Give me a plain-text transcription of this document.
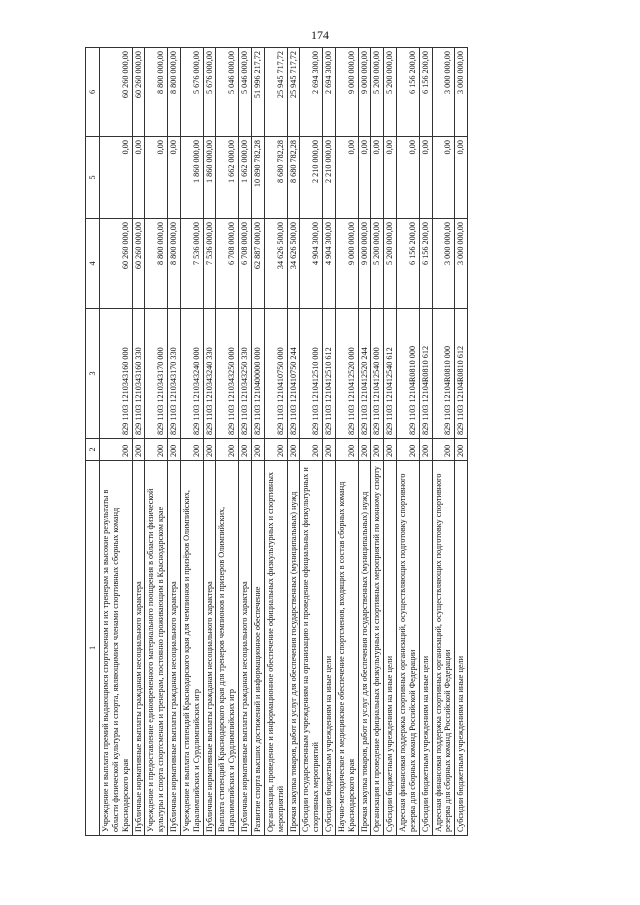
174
1	2	3	4	5	6
Учреждение и выплата премий выдающимся спортсменам и их тренерам за высокие результаты в области физической культуры и спорта, являющимися членами спортивных сборных команд Краснодарского края	200	829 1103 1210343160 000	60 260 000,00	0,00	60 260 000,00
Публичные нормативные выплаты гражданам несоциального характера	200	829 1103 1210343160 330	60 260 000,00	0,00	60 260 000,00
Учреждение и предоставление единовременного материального поощрения в области физической культуры и спорта спортсменам и тренерам, постоянно проживающим в Краснодарском крае	200	829 1103 1210343170 000	8 800 000,00	0,00	8 800 000,00
Публичные нормативные выплаты гражданам несоциального характера	200	829 1103 1210343170 330	8 800 000,00	0,00	8 800 000,00
Учреждение и выплата стипендий Краснодарского края для чемпионов и призёров Олимпийских, Паралимпийских и Сурдлимпийских игр	200	829 1103 1210343240 000	7 536 000,00	1 860 000,00	5 676 000,00
Публичные нормативные выплаты гражданам несоциального характера	200	829 1103 1210343240 330	7 536 000,00	1 860 000,00	5 676 000,00
Выплата стипендий Краснодарского края для тренеров чемпионов и призеров Олимпийских, Паралимпийских и Сурдлимпийских игр	200	829 1103 1210343250 000	6 708 000,00	1 662 000,00	5 046 000,00
Публичные нормативные выплаты гражданам несоциального характера	200	829 1103 1210343250 330	6 708 000,00	1 662 000,00	5 046 000,00
Развитие спорта высших достижений и информационное обеспечение	200	829 1103 1210400000 000	62 887 000,00	10 890 782,28	51 996 217,72
Организация, проведение и информационное обеспечение официальных физкультурных и спортивных мероприятий	200	829 1103 1210410750 000	34 626 500,00	8 680 782,28	25 945 717,72
Прочая закупка товаров, работ и услуг для обеспечения государственных (муниципальных) нужд	200	829 1103 1210410750 244	34 626 500,00	8 680 782,28	25 945 717,72
Субсидии государственным учреждениям на организацию и проведение официальных физкультурных и спортивных мероприятий	200	829 1103 1210412510 000	4 904 300,00	2 210 000,00	2 694 300,00
Субсидии бюджетным учреждениям на иные цели	200	829 1103 1210412510 612	4 904 300,00	2 210 000,00	2 694 300,00
Научно-методическое и медицинское обеспечение спортсменов, входящих в состав сборных команд Краснодарского края	200	829 1103 1210412520 000	9 000 000,00	0,00	9 000 000,00
Прочая закупка товаров, работ и услуг для обеспечения государственных (муниципальных) нужд	200	829 1103 1210412520 244	9 000 000,00	0,00	9 000 000,00
Организация и проведение официальных физкультурных и спортивных мероприятий по конному спорту	200	829 1103 1210412540 000	5 200 000,00	0,00	5 200 000,00
Субсидии бюджетным учреждениям на иные цели	200	829 1103 1210412540 612	5 200 000,00	0,00	5 200 000,00
Адресная финансовая поддержка спортивных организаций, осуществляющих подготовку спортивного резерва для сборных команд Российской Федерации	200	829 1103 12104R0810 000	6 156 200,00	0,00	6 156 200,00
Субсидии бюджетным учреждениям на иные цели	200	829 1103 12104R0810 612	6 156 200,00	0,00	6 156 200,00
Адресная финансовая поддержка спортивных организаций, осуществляющих подготовку спортивного резерва для сборных команд Российской Федерации	200	829 1103 12104R0810 000	3 000 000,00	0,00	3 000 000,00
Субсидии бюджетным учреждениям на иные цели	200	829 1103 12104R0810 612	3 000 000,00	0,00	3 000 000,00
